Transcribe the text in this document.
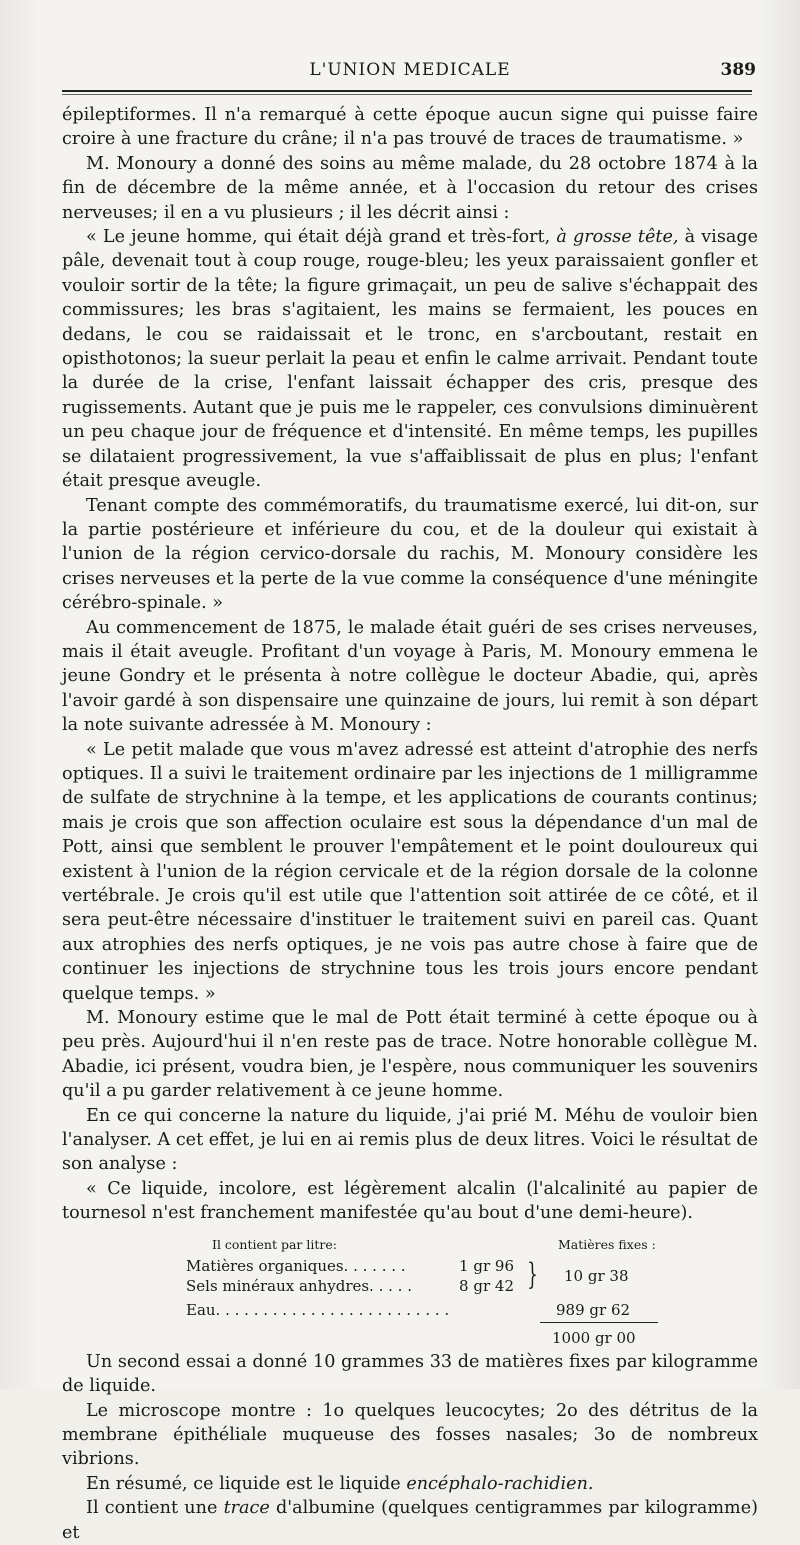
L'UNION MEDICALE	389

épileptiformes. Il n'a remarqué à cette époque aucun signe qui puisse faire croire à une fracture du crâne; il n'a pas trouvé de traces de traumatisme. »

M. Monoury a donné des soins au même malade, du 28 octobre 1874 à la fin de décembre de la même année, et à l'occasion du retour des crises nerveuses; il en a vu plusieurs ; il les décrit ainsi :

« Le jeune homme, qui était déjà grand et très-fort, à grosse tête, à visage pâle, devenait tout à coup rouge, rouge-bleu; les yeux paraissaient gonfler et vouloir sortir de la tête; la figure grimaçait, un peu de salive s'échappait des commissures; les bras s'agitaient, les mains se fermaient, les pouces en dedans, le cou se raidaissait et le tronc, en s'arcboutant, restait en opisthotonos; la sueur perlait la peau et enfin le calme arrivait. Pendant toute la durée de la crise, l'enfant laissait échapper des cris, presque des rugissements. Autant que je puis me le rappeler, ces convulsions diminuèrent un peu chaque jour de fréquence et d'intensité. En même temps, les pupilles se dilataient progressivement, la vue s'affaiblissait de plus en plus; l'enfant était presque aveugle.

Tenant compte des commémoratifs, du traumatisme exercé, lui dit-on, sur la partie postérieure et inférieure du cou, et de la douleur qui existait à l'union de la région cervico-dorsale du rachis, M. Monoury considère les crises nerveuses et la perte de la vue comme la conséquence d'une méningite cérébro-spinale. »

Au commencement de 1875, le malade était guéri de ses crises nerveuses, mais il était aveugle. Profitant d'un voyage à Paris, M. Monoury emmena le jeune Gondry et le présenta à notre collègue le docteur Abadie, qui, après l'avoir gardé à son dispensaire une quinzaine de jours, lui remit à son départ la note suivante adressée à M. Monoury :

« Le petit malade que vous m'avez adressé est atteint d'atrophie des nerfs optiques. Il a suivi le traitement ordinaire par les injections de 1 milligramme de sulfate de strychnine à la tempe, et les applications de courants continus; mais je crois que son affection oculaire est sous la dépendance d'un mal de Pott, ainsi que semblent le prouver l'empâtement et le point douloureux qui existent à l'union de la région cervicale et de la région dorsale de la colonne vertébrale. Je crois qu'il est utile que l'attention soit attirée de ce côté, et il sera peut-être nécessaire d'instituer le traitement suivi en pareil cas. Quant aux atrophies des nerfs optiques, je ne vois pas autre chose à faire que de continuer les injections de strychnine tous les trois jours encore pendant quelque temps. »

M. Monoury estime que le mal de Pott était terminé à cette époque ou à peu près. Aujourd'hui il n'en reste pas de trace. Notre honorable collègue M. Abadie, ici présent, voudra bien, je l'espère, nous communiquer les souvenirs qu'il a pu garder relativement à ce jeune homme.

En ce qui concerne la nature du liquide, j'ai prié M. Méhu de vouloir bien l'analyser. A cet effet, je lui en ai remis plus de deux litres. Voici le résultat de son analyse :

« Ce liquide, incolore, est légèrement alcalin (l'alcalinité au papier de tournesol n'est franchement manifestée qu'au bout d'une demi-heure).

Il contient par litre:	Matières fixes :
Matières organiques. . . . . . .	1 gr 96
Sels minéraux anhydres. . . . .	8 gr 42 } 10 gr 38
Eau. . . . . . . . . . . . . . . . . . . . . . . . .	989 gr 62
1000 gr 00

Un second essai a donné 10 grammes 33 de matières fixes par kilogramme de liquide.

Le microscope montre : 1o quelques leucocytes; 2o des détritus de la membrane épithéliale muqueuse des fosses nasales; 3o de nombreux vibrions.

En résumé, ce liquide est le liquide encéphalo-rachidien.

Il contient une trace d'albumine (quelques centigrammes par kilogramme) et
